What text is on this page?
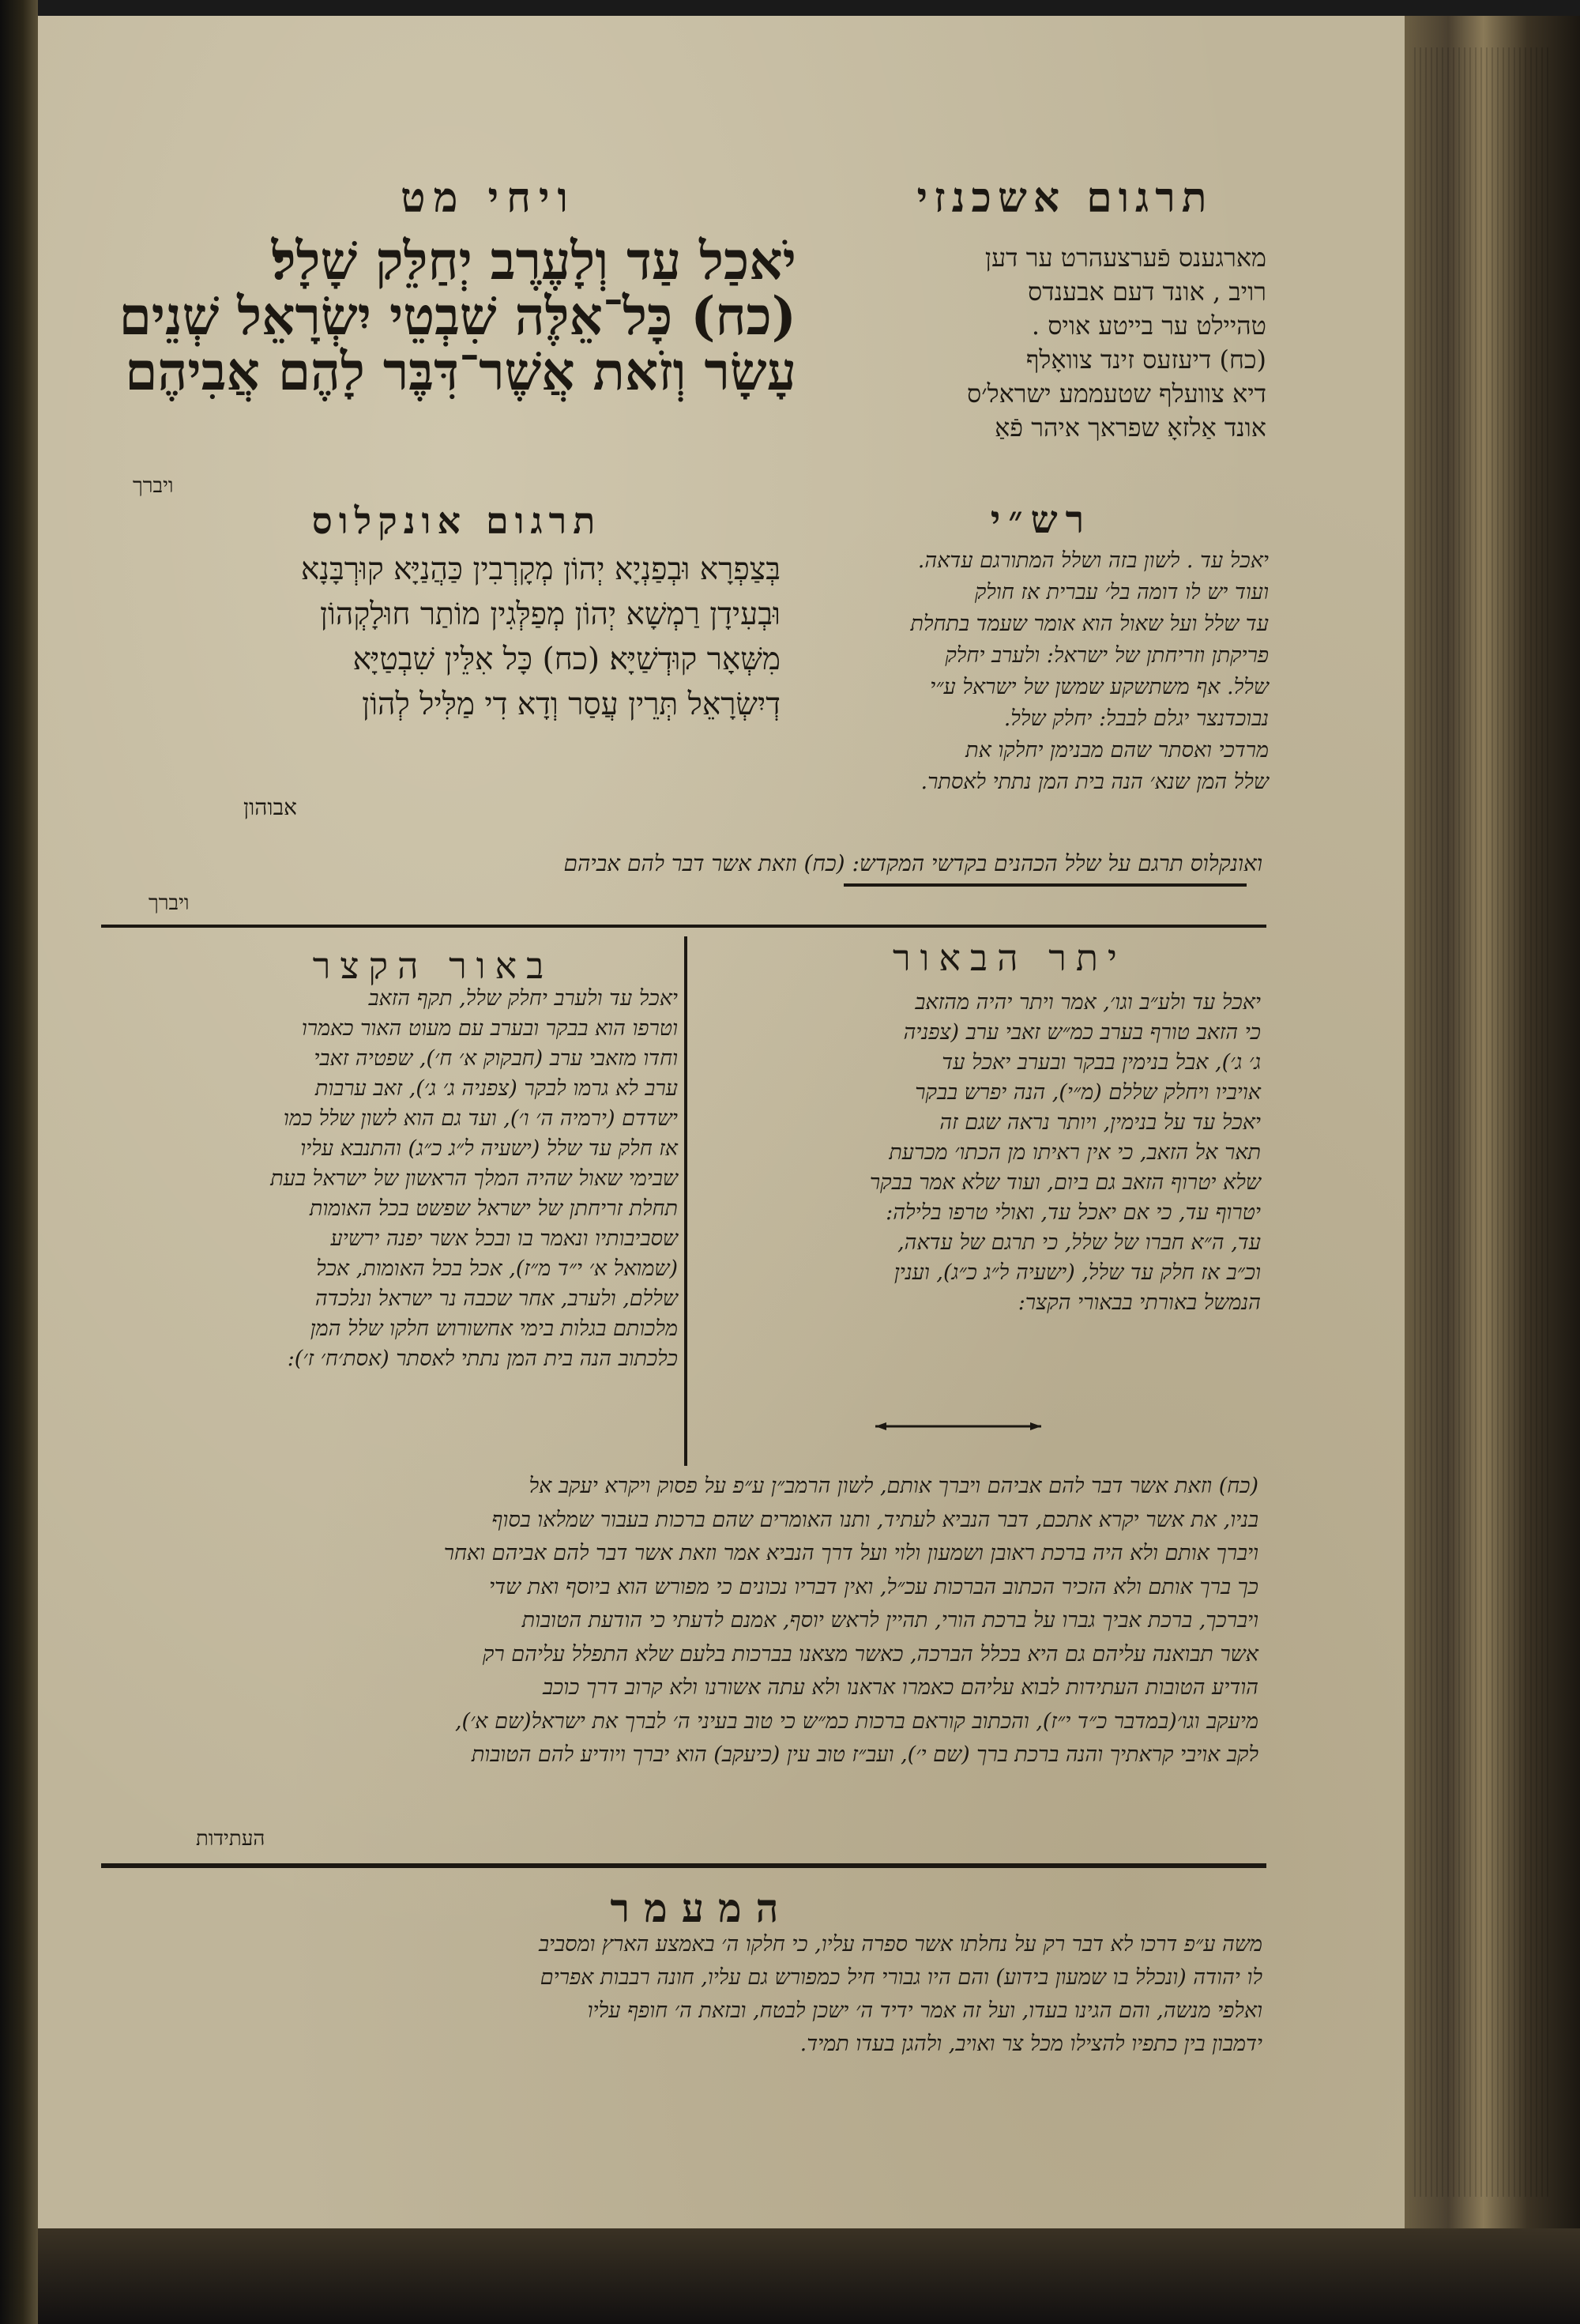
ויחי מט	תרגום אשכנזי

מארגענס פֿערצעהרט ער דען

רויב , אונד דעם אבענדס

טהיילט ער בייטע אויס .

(כח) דיעזעס זינד צוואָלף

דיא צוועלף שטעממע ישראל׳ס

אונד אַלזאָ שפראך איהר פֿאַ

רש״י

יאכל עד . לשון בזה ושלל המתורגם עדאה.

ועוד יש לו דומה בל׳ עברית אז חולק

עד שלל ועל שאול הוא אומר שעמד בתחלת

פריקתן וזריחתן של ישראל: ולערב יחלק

שלל. אף משתשקע שמשן של ישראל ע״י

נבוכדנצר יגלם לבבל: יחלק שלל.

מרדכי ואסתר שהם מבנימן יחלקו את

שלל המן שנא׳ הנה בית המן נתתי לאסתר.

יֹאכַל עַד וְלָעֶרֶב יְחַלֵּק שָׁלָל׃

(כח) כָּל־אֵלֶּה שִׁבְטֵי יִשְׂרָאֵל שְׁנֵים

עָשָׂר וְזֹאת אֲשֶׁר־דִּבֶּר לָהֶם אֲבִיהֶם

ויברך
תרגום אונקלוס

בְּצַפְרָא וּבְפַנְיָא יְהוֹן מְקָרְבִין כַּהֲנַיָּא קוּרְבָּנָא

וּבְעִידָן רַמְשָׁא יְהוֹן מְפַלְּגִין מוֹתַר חוּלָקְהוֹן

מִשְּׁאָר קוּדְשַׁיָּא׃ (כח) כָּל אִלֵּין שִׁבְטַיָּא

דְיִשְׂרָאֵל תְּרֵין עֲסַר וְדָא דִי מַלִּיל לְהוֹן

אבוהון
ואונקלוס תרגם על שלל הכהנים בקדשי המקדש: (כח) וזאת אשר דבר להם אביהם
ויברך
יתר הבאור

יאכל עד ולע״ב וגו׳, אמר ויתר יהיה מהזאב

כי הזאב טורף בערב כמ״ש זאבי ערב (צפניה

ג׳ ג׳), אבל בנימין בבקר ובערב יאכל עד

אויביו ויחלק שללם (מ״י), הנה יפרש בבקר

יאכל עד על בנימין, ויותר נראה שגם זה

תאר אל הזאב, כי אין ראיתו מן הכתו׳ מכרעת

שלא יטרוף הזאב גם ביום, ועוד שלא אמר בבקר

יטרוף עד, כי אם יאכל עד, ואולי טרפו בלילה:

עד, ה״א חברו של שלל, כי תרגם של עדאה,

וכ״ב אז חלק עד שלל, (ישעיה ל״ג כ״ג), וענין

הנמשל באורתי בבאורי הקצר:

באור הקצר

יאכל עד ולערב יחלק שלל, תקף הזאב

וטרפו הוא בבקר ובערב עם מעוט האור כאמרו

וחדו מזאבי ערב (חבקוק א׳ ח׳), שפטיה זאבי

ערב לא גרמו לבקר (צפניה ג׳ ג׳), זאב ערבות

ישדדם (ירמיה ה׳ ו׳), ועד גם הוא לשון שלל כמו

אז חלק עד שלל (ישעיה ל״ג כ״ג) והתנבא עליו

שבימי שאול שהיה המלך הראשון של ישראל בעת

תחלת זריחתן של ישראל שפשט בכל האומות

שסביבותיו ונאמר בו ובכל אשר יפנה ירשיע

(שמואל א׳ י״ד מ״ז), אכל בכל האומות, אכל

שללם, ולערב, אחר שכבה נר ישראל ונלכדה

מלכותם בגלות בימי אחשורוש חלקו שלל המן

כלכתוב הנה בית המן נתתי לאסתר (אסת׳ח׳ ז׳):

(כח) וזאת אשר דבר להם אביהם ויברך אותם, לשון הרמב״ן ע״פ על פסוק ויקרא יעקב אל

בניו, את אשר יקרא אתכם, דבר הנביא לעתיד, ותנו האומרים שהם ברכות בעבור שמלאו בסוף

ויברך אותם ולא היה ברכת ראובן ושמעון ולוי ועל דרך הנביא אמר וזאת אשר דבר להם אביהם ואחר

כך ברך אותם ולא הזכיר הכתוב הברכות עכ״ל, ואין דבריו נכונים כי מפורש הוא ביוסף ואת שדי

ויברכך, ברכת אביך גברו על ברכת הורי, תהיין לראש יוסף, אמנם לדעתי כי הודעת הטובות

אשר תבואנה עליהם גם היא בכלל הברכה, כאשר מצאנו בברכות בלעם שלא התפלל עליהם רק

הודיע הטובות העתידות לבוא עליהם כאמרו אראנו ולא עתה אשורנו ולא קרוב דרך כוכב

מיעקב וגו׳(במדבר כ״ד י״ז), והכתוב קוראם ברכות כמ״ש כי טוב בעיני ה׳ לברך את ישראל(שם א׳),

לקב אויבי קראתיך והנה ברכת ברך (שם י׳), ועב״ז טוב עין (כיעקב) הוא יברך ויודיע להם הטובות

העתידות
המעמר

משה ע״פ דרכו לא דבר רק על נחלתו אשר ספרה עליו, כי חלקו ה׳ באמצע הארץ ומסביב

לו יהודה (ונכלל בו שמעון בידוע) והם היו גבורי חיל כמפורש גם עליו, חונה רבבות אפרים

ואלפי מנשה, והם הגינו בעדו, ועל זה אמר ידיד ה׳ ישכן לבטח, ובזאת ה׳ חופף עליו

ידמבון בין כתפיו להצילו מכל צר ואויב, ולהגן בעדו תמיד.
